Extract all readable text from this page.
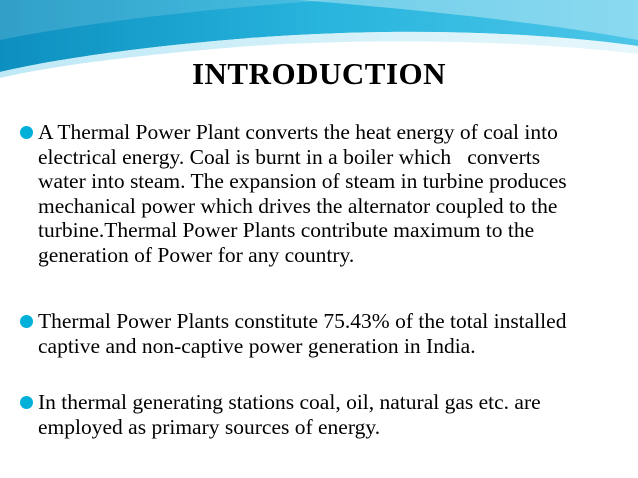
INTRODUCTION
A Thermal Power Plant converts the heat energy of coal into
electrical energy. Coal is burnt in a boiler which   converts
water into steam. The expansion of steam in turbine produces
mechanical power which drives the alternator coupled to the
turbine.Thermal Power Plants contribute maximum to the
generation of Power for any country.
Thermal Power Plants constitute 75.43% of the total installed
captive and non-captive power generation in India.
In thermal generating stations coal, oil, natural gas etc. are
employed as primary sources of energy.
